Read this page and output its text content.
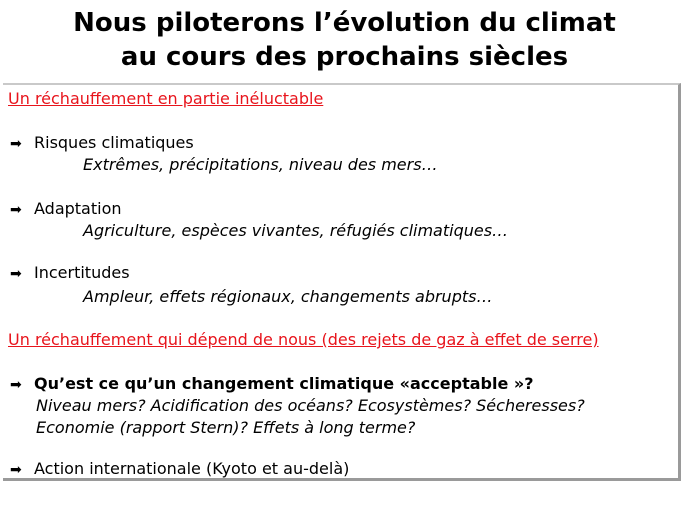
Nous piloterons l’évolution du climat
au cours des prochains siècles
Un réchauffement en partie inéluctable
➡ Risques climatiques
Extrêmes, précipitations, niveau des mers…
➡ Adaptation
Agriculture, espèces vivantes, réfugiés climatiques…
➡ Incertitudes
Ampleur, effets régionaux, changements abrupts…
Un réchauffement qui dépend de nous (des rejets de gaz à effet de serre)
➡ Qu’est ce qu’un changement climatique «acceptable »?
Niveau mers? Acidification des océans? Ecosystèmes? Sécheresses?
Economie (rapport Stern)? Effets à long terme?
➡ Action internationale (Kyoto et au-delà)
